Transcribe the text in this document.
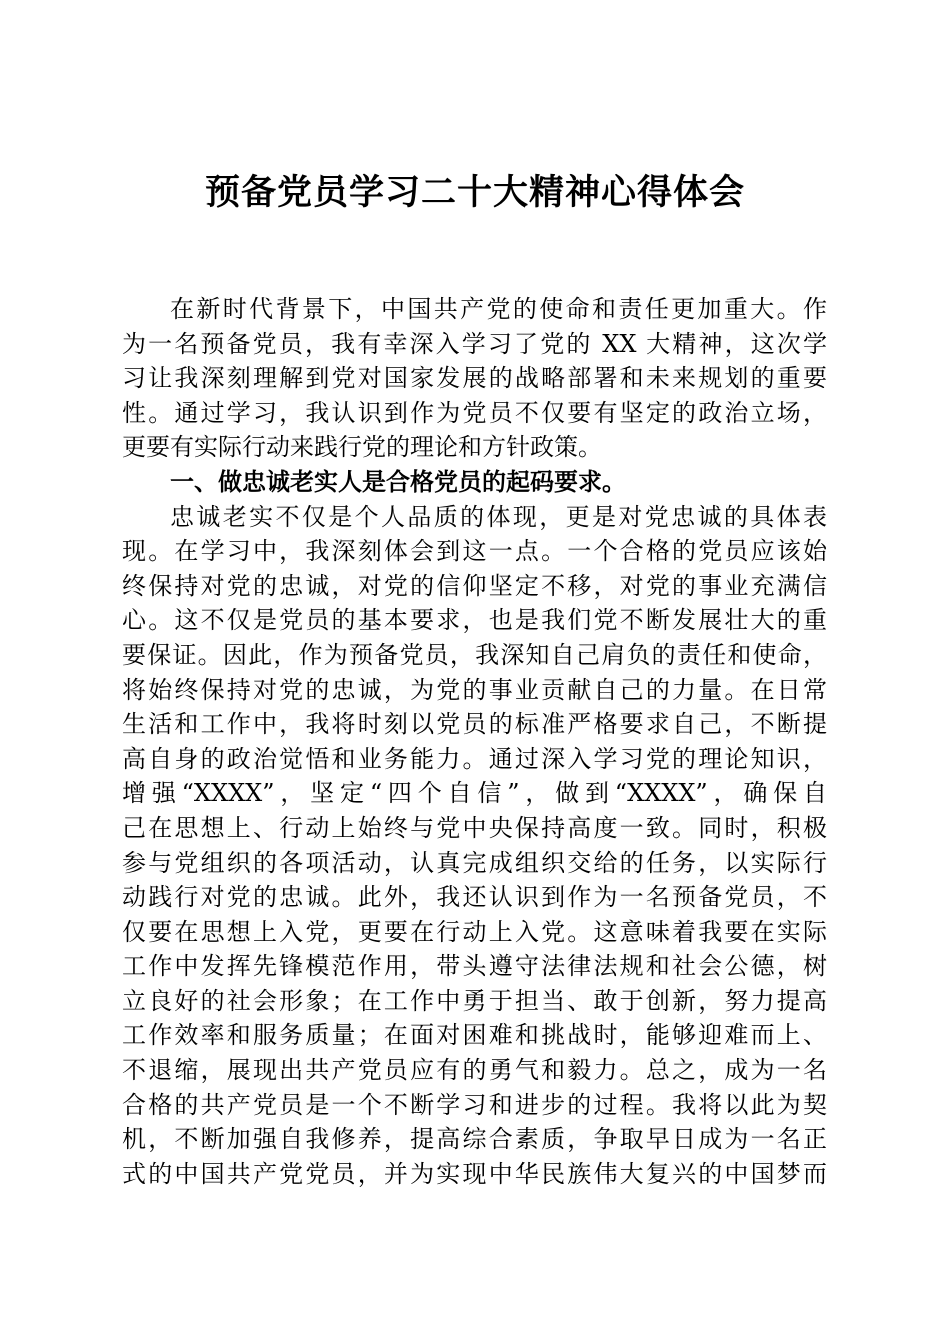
预备党员学习二十大精神心得体会
在新时代背景下，中国共产党的使命和责任更加重大。作
为一名预备党员，我有幸深入学习了党的 XX 大精神，这次学
习让我深刻理解到党对国家发展的战略部署和未来规划的重要
性。通过学习，我认识到作为党员不仅要有坚定的政治立场，
更要有实际行动来践行党的理论和方针政策。
一、做忠诚老实人是合格党员的起码要求。
忠诚老实不仅是个人品质的体现，更是对党忠诚的具体表
现。在学习中，我深刻体会到这一点。一个合格的党员应该始
终保持对党的忠诚，对党的信仰坚定不移，对党的事业充满信
心。这不仅是党员的基本要求，也是我们党不断发展壮大的重
要保证。因此，作为预备党员，我深知自己肩负的责任和使命，
将始终保持对党的忠诚，为党的事业贡献自己的力量。在日常
生活和工作中，我将时刻以党员的标准严格要求自己，不断提
高自身的政治觉悟和业务能力。通过深入学习党的理论知识，
增强“XXXX”，坚定“四个自信”，做到“XXXX”，确保自
己在思想上、行动上始终与党中央保持高度一致。同时，积极
参与党组织的各项活动，认真完成组织交给的任务，以实际行
动践行对党的忠诚。此外，我还认识到作为一名预备党员，不
仅要在思想上入党，更要在行动上入党。这意味着我要在实际
工作中发挥先锋模范作用，带头遵守法律法规和社会公德，树
立良好的社会形象；在工作中勇于担当、敢于创新，努力提高
工作效率和服务质量；在面对困难和挑战时，能够迎难而上、
不退缩，展现出共产党员应有的勇气和毅力。总之，成为一名
合格的共产党员是一个不断学习和进步的过程。我将以此为契
机，不断加强自我修养，提高综合素质，争取早日成为一名正
式的中国共产党党员，并为实现中华民族伟大复兴的中国梦而
